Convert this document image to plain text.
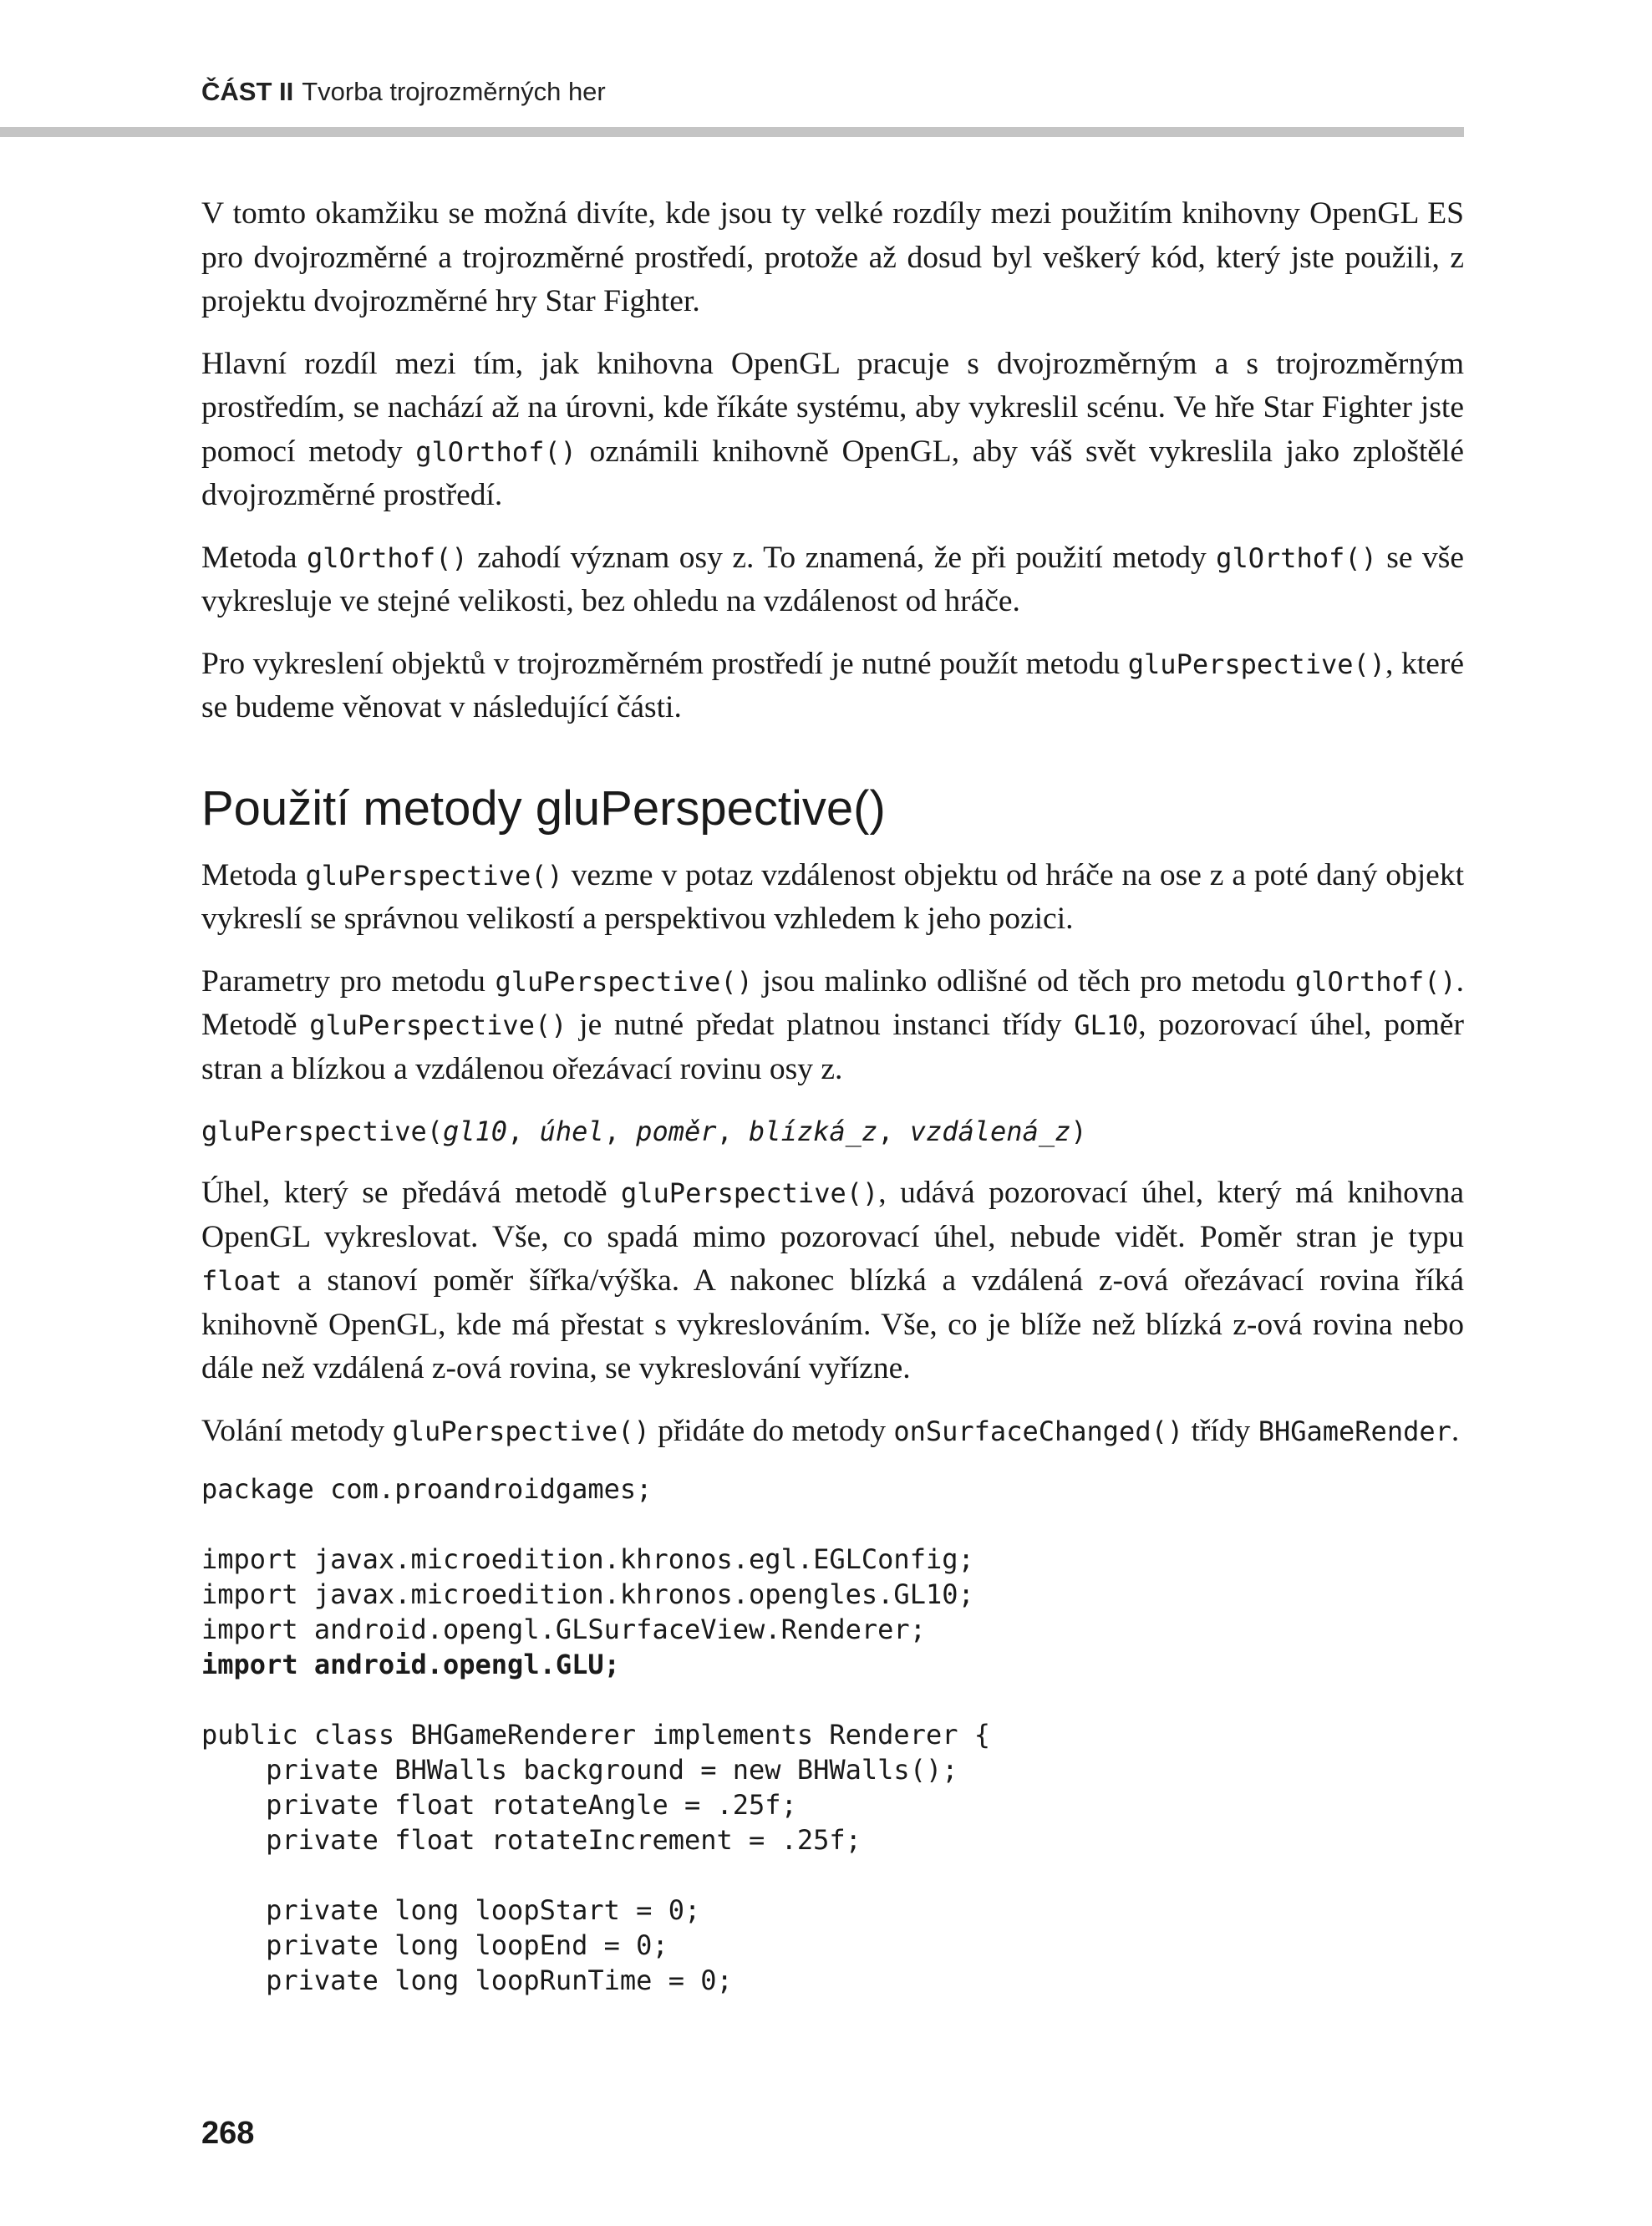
ČÁST II Tvorba trojrozměrných her

V tomto okamžiku se možná divíte, kde jsou ty velké rozdíly mezi použitím knihovny OpenGL ES pro dvojrozměrné a trojrozměrné prostředí, protože až dosud byl veškerý kód, který jste použili, z projektu dvojrozměrné hry Star Fighter.

Hlavní rozdíl mezi tím, jak knihovna OpenGL pracuje s dvojrozměrným a s trojrozměrným prostředím, se nachází až na úrovni, kde říkáte systému, aby vykreslil scénu. Ve hře Star Fighter jste pomocí metody glOrthof() oznámili knihovně OpenGL, aby váš svět vykreslila jako zploštělé dvojrozměrné prostředí.

Metoda glOrthof() zahodí význam osy z. To znamená, že při použití metody glOrthof() se vše vykresluje ve stejné velikosti, bez ohledu na vzdálenost od hráče.

Pro vykreslení objektů v trojrozměrném prostředí je nutné použít metodu gluPerspective(), které se budeme věnovat v následující části.

Použití metody gluPerspective()

Metoda gluPerspective() vezme v potaz vzdálenost objektu od hráče na ose z a poté daný objekt vykreslí se správnou velikostí a perspektivou vzhledem k jeho pozici.

Parametry pro metodu gluPerspective() jsou malinko odlišné od těch pro metodu glOrthof(). Metodě gluPerspective() je nutné předat platnou instanci třídy GL10, pozorovací úhel, poměr stran a blízkou a vzdálenou ořezávací rovinu osy z.

gluPerspective(gl10, úhel, poměr, blízká_z, vzdálená_z)

Úhel, který se předává metodě gluPerspective(), udává pozorovací úhel, který má knihovna OpenGL vykreslovat. Vše, co spadá mimo pozorovací úhel, nebude vidět. Poměr stran je typu float a stanoví poměr šířka/výška. A nakonec blízká a vzdálená z-ová ořezávací rovina říká knihovně OpenGL, kde má přestat s vykreslováním. Vše, co je blíže než blízká z-ová rovina nebo dále než vzdálená z-ová rovina, se vykreslování vyřízne.

Volání metody gluPerspective() přidáte do metody onSurfaceChanged() třídy BHGameRender.

package com.proandroidgames;

import javax.microedition.khronos.egl.EGLConfig;
import javax.microedition.khronos.opengles.GL10;
import android.opengl.GLSurfaceView.Renderer;
import android.opengl.GLU;

public class BHGameRenderer implements Renderer {
private BHWalls background = new BHWalls();
private float rotateAngle = .25f;
private float rotateIncrement = .25f;

private long loopStart = 0;
private long loopEnd = 0;
private long loopRunTime = 0;
268
